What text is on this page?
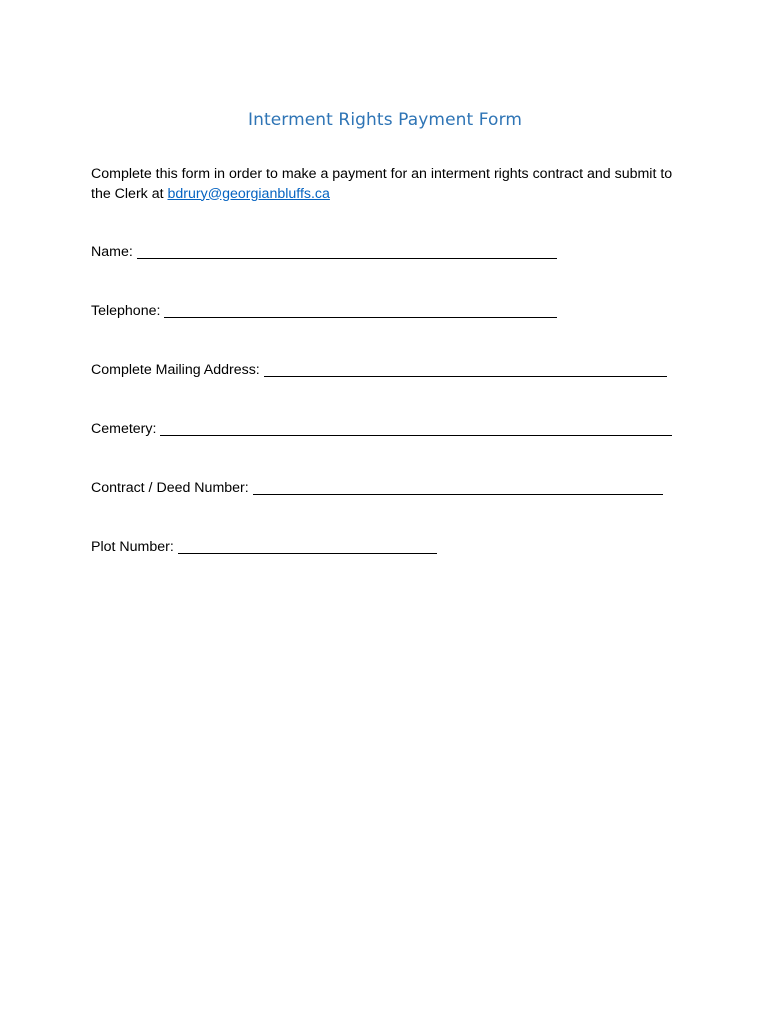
Interment Rights Payment Form
Complete this form in order to make a payment for an interment rights contract and submit to the Clerk at bdrury@georgianbluffs.ca
Name:
Telephone:
Complete Mailing Address:
Cemetery:
Contract / Deed Number:
Plot Number:
